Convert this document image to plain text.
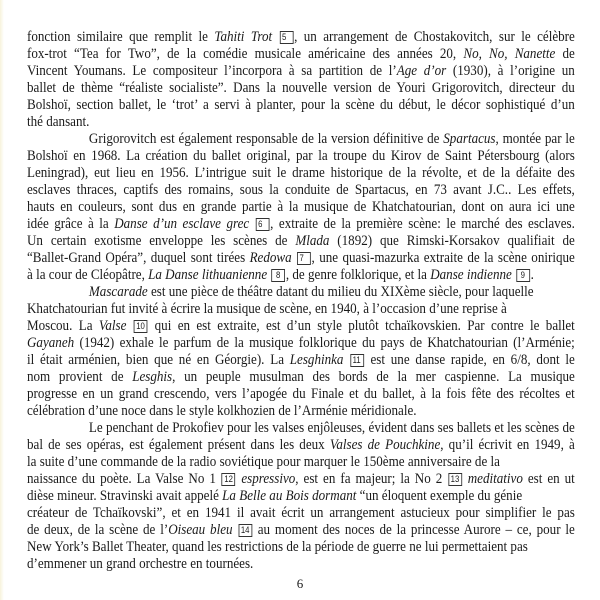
fonction similaire que remplit le Tahiti Trot 5 , un arrangement de Chostakovitch, sur le célèbre
fox-trot “Tea for Two”, de la comédie musicale américaine des années 20, No, No, Nanette de
Vincent Youmans. Le compositeur l’incorpora à sa partition de l’Age d’or (1930), à l’origine un
ballet de thème “réaliste socialiste”. Dans la nouvelle version de Youri Grigorovitch, directeur du
Bolshoï, section ballet, le ‘trot’ a servi à planter, pour la scène du début, le décor sophistiqué d’un
thé dansant.
Grigorovitch est également responsable de la version définitive de Spartacus, montée par le
Bolshoï en 1968. La création du ballet original, par la troupe du Kirov de Saint Pétersbourg (alors
Leningrad), eut lieu en 1956. L’intrigue suit le drame historique de la révolte, et de la défaite des
esclaves thraces, captifs des romains, sous la conduite de Spartacus, en 73 avant J.C.. Les effets,
hauts en couleurs, sont dus en grande partie à la musique de Khatchatourian, dont on aura ici une
idée grâce à la Danse d’un esclave grec 6 , extraite de la première scène: le marché des esclaves.
Un certain exotisme enveloppe les scènes de Mlada (1892) que Rimski-Korsakov qualifiait de
“Ballet-Grand Opéra”, duquel sont tirées Redowa 7 , une quasi-mazurka extraite de la scène onirique
à la cour de Cléopâtre, La Danse lithuanienne 8 , de genre folklorique, et la Danse indienne 9 .
Mascarade est une pièce de théâtre datant du milieu du XIXème siècle, pour laquelle
Khatchatourian fut invité à écrire la musique de scène, en 1940, à l’occasion d’une reprise à
Moscou. La Valse 10 qui en est extraite, est d’un style plutôt tchaïkovskien. Par contre le ballet
Gayaneh (1942) exhale le parfum de la musique folklorique du pays de Khatchatourian (l’Arménie;
il était arménien, bien que né en Géorgie). La Lesghinka 11 est une danse rapide, en 6/8, dont le
nom provient de Lesghis, un peuple musulman des bords de la mer caspienne. La musique
progresse en un grand crescendo, vers l’apogée du Finale et du ballet, à la fois fête des récoltes et
célébration d’une noce dans le style kolkhozien de l’Arménie méridionale.
Le penchant de Prokofiev pour les valses enjôleuses, évident dans ses ballets et les scènes de
bal de ses opéras, est également présent dans les deux Valses de Pouchkine, qu’il écrivit en 1949, à
la suite d’une commande de la radio soviétique pour marquer le 150ème anniversaire de la
naissance du poète. La Valse No 1 12 espressivo, est en fa majeur; la No 2 13 meditativo est en ut
dièse mineur. Stravinski avait appelé La Belle au Bois dormant “un éloquent exemple du génie
créateur de Tchaïkovski”, et en 1941 il avait écrit un arrangement astucieux pour simplifier le pas
de deux, de la scène de l’Oiseau bleu 14 au moment des noces de la princesse Aurore – ce, pour le
New York’s Ballet Theater, quand les restrictions de la période de guerre ne lui permettaient pas
d’emmener un grand orchestre en tournées.
6
